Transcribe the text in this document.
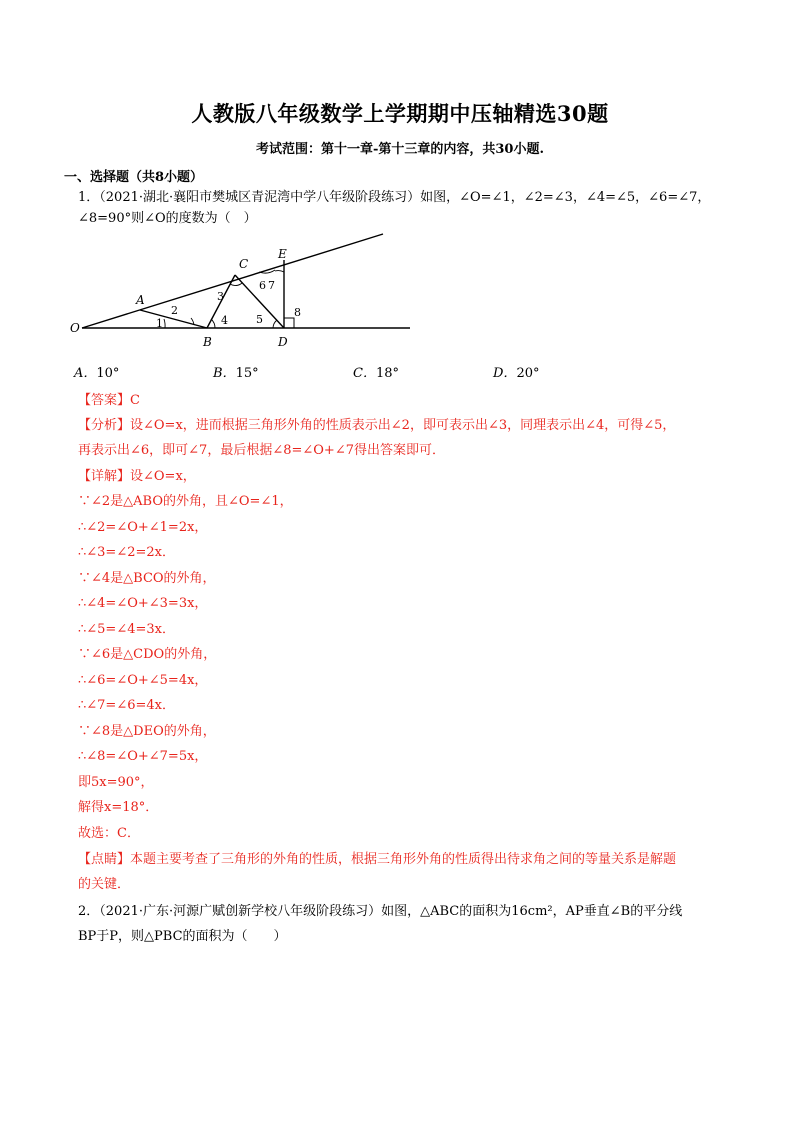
人教版八年级数学上学期期中压轴精选30题
考试范围：第十一章-第十三章的内容，共30小题.
一、选择题（共8小题）
1．（2021·湖北·襄阳市樊城区青泥湾中学八年级阶段练习）如图，∠O=∠1，∠2=∠3，∠4=∠5，∠6=∠7，
∠8=90°则∠O的度数为（　）
O
A
B
C
D
E
1
2
3
4	5
6 7
8
A．10°	B．15°	C．18°	D．20°
【答案】C
【分析】设∠O=x，进而根据三角形外角的性质表示出∠2，即可表示出∠3，同理表示出∠4，可得∠5，
再表示出∠6，即可∠7，最后根据∠8=∠O+∠7得出答案即可．
【详解】设∠O=x，
∵∠2是△ABO的外角，且∠O=∠1，
∴∠2=∠O+∠1=2x，
∴∠3=∠2=2x．
∵∠4是△BCO的外角，
∴∠4=∠O+∠3=3x，
∴∠5=∠4=3x．
∵∠6是△CDO的外角，
∴∠6=∠O+∠5=4x，
∴∠7=∠6=4x．
∵∠8是△DEO的外角，
∴∠8=∠O+∠7=5x，
即5x=90°，
解得x=18°．
故选：C．
【点睛】本题主要考查了三角形的外角的性质，根据三角形外角的性质得出待求角之间的等量关系是解题
的关键．
2．（2021·广东·河源广赋创新学校八年级阶段练习）如图，△ABC的面积为16cm²，AP垂直∠B的平分线
BP于P，则△PBC的面积为（　　）
